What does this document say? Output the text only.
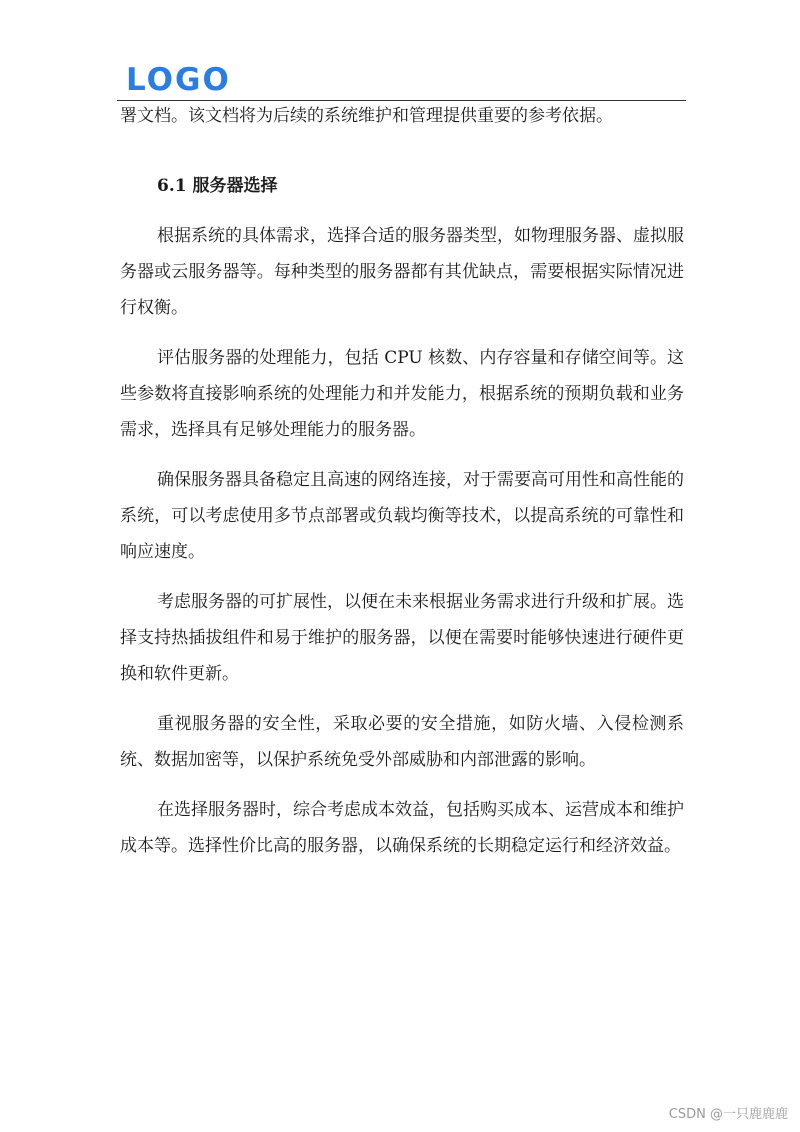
LOGO

署文档。该文档将为后续的系统维护和管理提供重要的参考依据。

6.1 服务器选择

根据系统的具体需求，选择合适的服务器类型，如物理服务器、虚拟服务器或云服务器等。每种类型的服务器都有其优缺点，需要根据实际情况进行权衡。

评估服务器的处理能力，包括 CPU 核数、内存容量和存储空间等。这些参数将直接影响系统的处理能力和并发能力，根据系统的预期负载和业务需求，选择具有足够处理能力的服务器。

确保服务器具备稳定且高速的网络连接，对于需要高可用性和高性能的系统，可以考虑使用多节点部署或负载均衡等技术，以提高系统的可靠性和响应速度。

考虑服务器的可扩展性，以便在未来根据业务需求进行升级和扩展。选择支持热插拔组件和易于维护的服务器，以便在需要时能够快速进行硬件更换和软件更新。

重视服务器的安全性，采取必要的安全措施，如防火墙、入侵检测系统、数据加密等，以保护系统免受外部威胁和内部泄露的影响。

在选择服务器时，综合考虑成本效益，包括购买成本、运营成本和维护成本等。选择性价比高的服务器，以确保系统的长期稳定运行和经济效益。

CSDN @一只鹿鹿鹿
